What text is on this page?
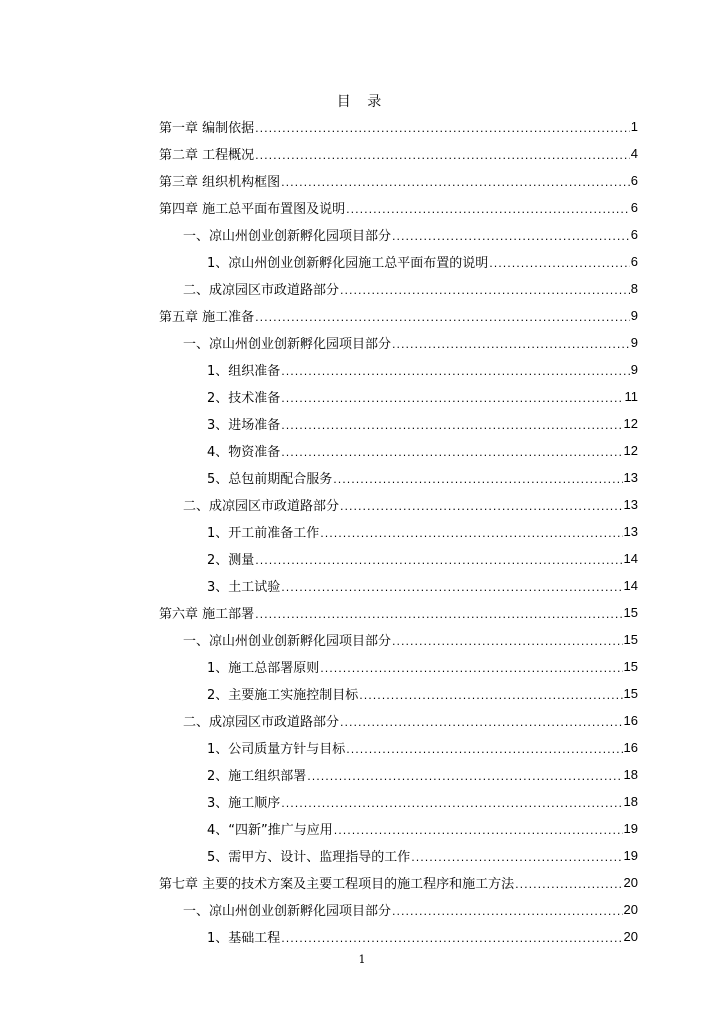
目 录
第一章 编制依据 .....	1
第二章 工程概况 .....	4
第三章 组织机构框图 .....	6
第四章 施工总平面布置图及说明 .....	6
一、凉山州创业创新孵化园项目部分 .....	6
1、凉山州创业创新孵化园施工总平面布置的说明 .....	6
二、成凉园区市政道路部分 .....	8
第五章 施工准备 .....	9
一、凉山州创业创新孵化园项目部分 .....	9
1、组织准备 .....	9
2、技术准备 .....	11
3、进场准备 .....	12
4、物资准备 .....	12
5、总包前期配合服务 .....	13
二、成凉园区市政道路部分 .....	13
1、开工前准备工作 .....	13
2、测量 .....	14
3、土工试验 .....	14
第六章 施工部署 .....	15
一、凉山州创业创新孵化园项目部分 .....	15
1、施工总部署原则 .....	15
2、主要施工实施控制目标 .....	15
二、成凉园区市政道路部分 .....	16
1、公司质量方针与目标 .....	16
2、施工组织部署 .....	18
3、施工顺序 .....	18
4、“四新”推广与应用 .....	19
5、需甲方、设计、监理指导的工作 .....	19
第七章 主要的技术方案及主要工程项目的施工程序和施工方法 .....	20
一、凉山州创业创新孵化园项目部分 .....	20
1、基础工程 .....	20
1
